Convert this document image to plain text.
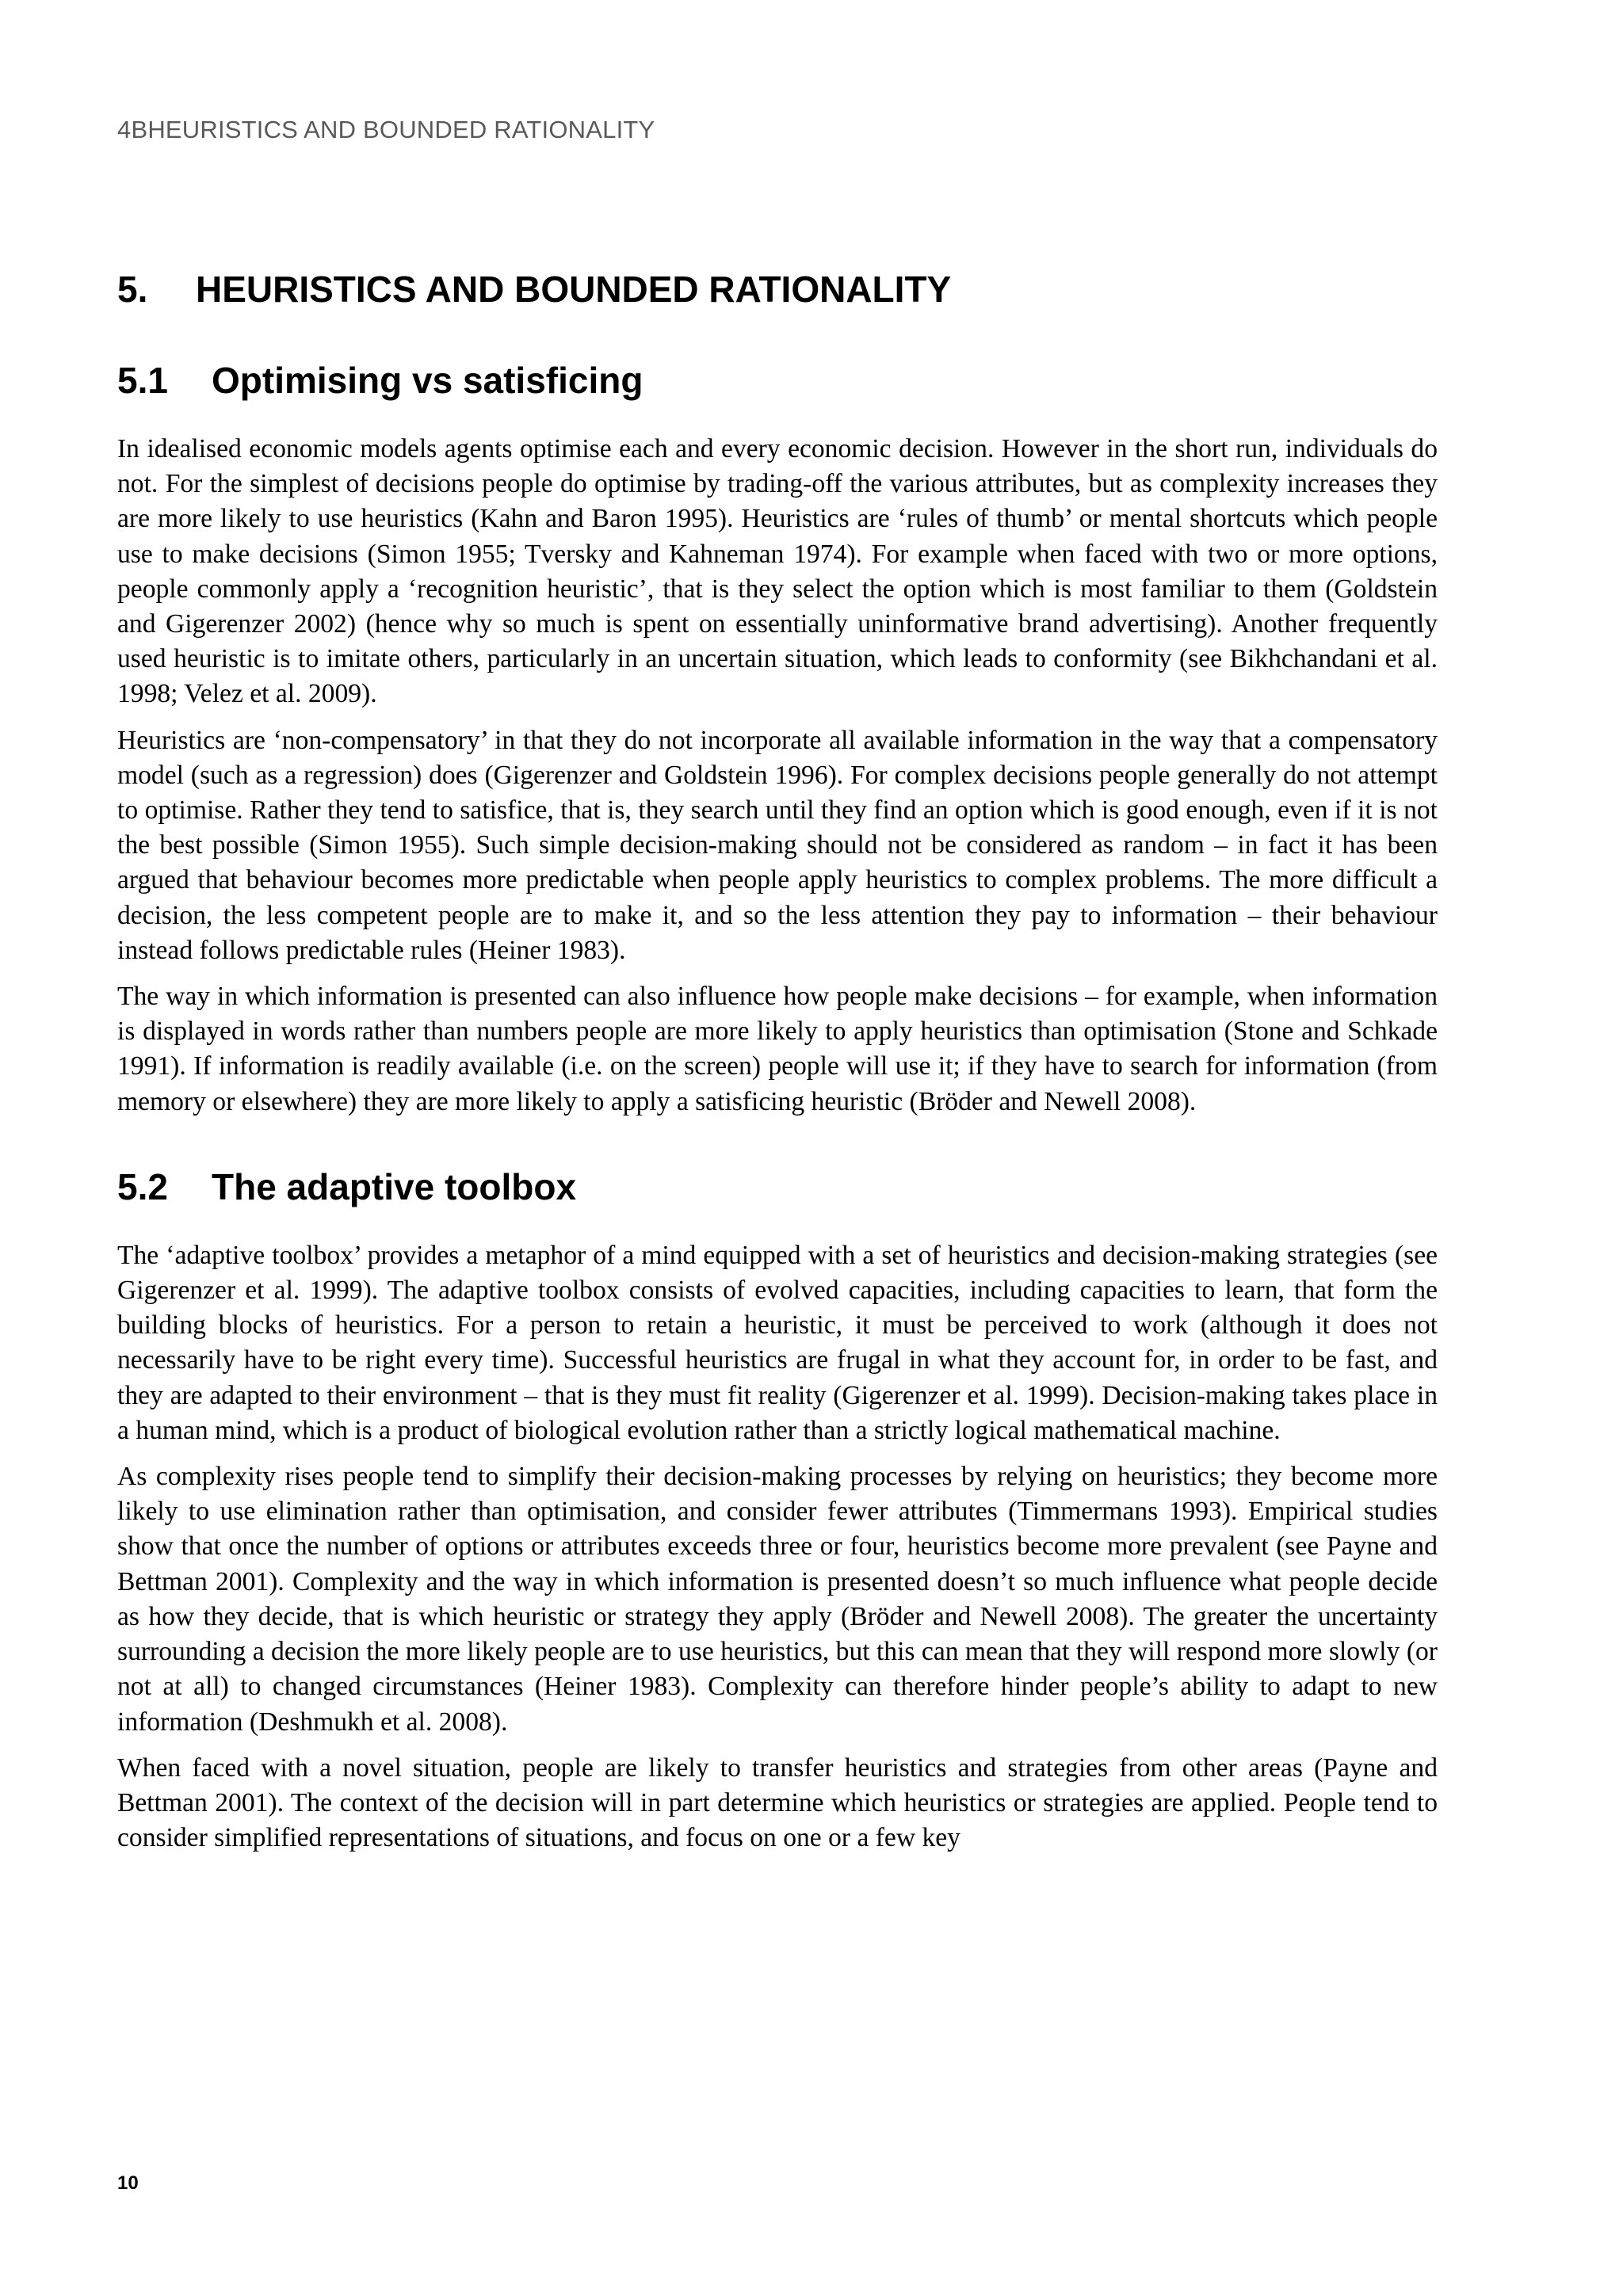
4BHEURISTICS AND BOUNDED RATIONALITY
5.	HEURISTICS AND BOUNDED RATIONALITY
5.1	Optimising vs satisficing

In idealised economic models agents optimise each and every economic decision. However in the short run, individuals do not. For the simplest of decisions people do optimise by trading-off the various attributes, but as complexity increases they are more likely to use heuristics (Kahn and Baron 1995). Heuristics are ‘rules of thumb’ or mental shortcuts which people use to make decisions (Simon 1955; Tversky and Kahneman 1974). For example when faced with two or more options, people commonly apply a ‘recognition heuristic’, that is they select the option which is most familiar to them (Goldstein and Gigerenzer 2002) (hence why so much is spent on essentially uninformative brand advertising). Another frequently used heuristic is to imitate others, particularly in an uncertain situation, which leads to conformity (see Bikhchandani et al. 1998; Velez et al. 2009).

Heuristics are ‘non-compensatory’ in that they do not incorporate all available information in the way that a compensatory model (such as a regression) does (Gigerenzer and Goldstein 1996). For complex decisions people generally do not attempt to optimise. Rather they tend to satisfice, that is, they search until they find an option which is good enough, even if it is not the best possible (Simon 1955). Such simple decision-making should not be considered as random – in fact it has been argued that behaviour becomes more predictable when people apply heuristics to complex problems. The more difficult a decision, the less competent people are to make it, and so the less attention they pay to information – their behaviour instead follows predictable rules (Heiner 1983).

The way in which information is presented can also influence how people make decisions – for example, when information is displayed in words rather than numbers people are more likely to apply heuristics than optimisation (Stone and Schkade 1991). If information is readily available (i.e. on the screen) people will use it; if they have to search for information (from memory or elsewhere) they are more likely to apply a satisficing heuristic (Bröder and Newell 2008).

5.2	The adaptive toolbox

The ‘adaptive toolbox’ provides a metaphor of a mind equipped with a set of heuristics and decision-making strategies (see Gigerenzer et al. 1999). The adaptive toolbox consists of evolved capacities, including capacities to learn, that form the building blocks of heuristics. For a person to retain a heuristic, it must be perceived to work (although it does not necessarily have to be right every time). Successful heuristics are frugal in what they account for, in order to be fast, and they are adapted to their environment – that is they must fit reality (Gigerenzer et al. 1999). Decision-making takes place in a human mind, which is a product of biological evolution rather than a strictly logical mathematical machine.

As complexity rises people tend to simplify their decision-making processes by relying on heuristics; they become more likely to use elimination rather than optimisation, and consider fewer attributes (Timmermans 1993). Empirical studies show that once the number of options or attributes exceeds three or four, heuristics become more prevalent (see Payne and Bettman 2001). Complexity and the way in which information is presented doesn’t so much influence what people decide as how they decide, that is which heuristic or strategy they apply (Bröder and Newell 2008). The greater the uncertainty surrounding a decision the more likely people are to use heuristics, but this can mean that they will respond more slowly (or not at all) to changed circumstances (Heiner 1983). Complexity can therefore hinder people’s ability to adapt to new information (Deshmukh et al. 2008).

When faced with a novel situation, people are likely to transfer heuristics and strategies from other areas (Payne and Bettman 2001). The context of the decision will in part determine which heuristics or strategies are applied. People tend to consider simplified representations of situations, and focus on one or a few key

10
